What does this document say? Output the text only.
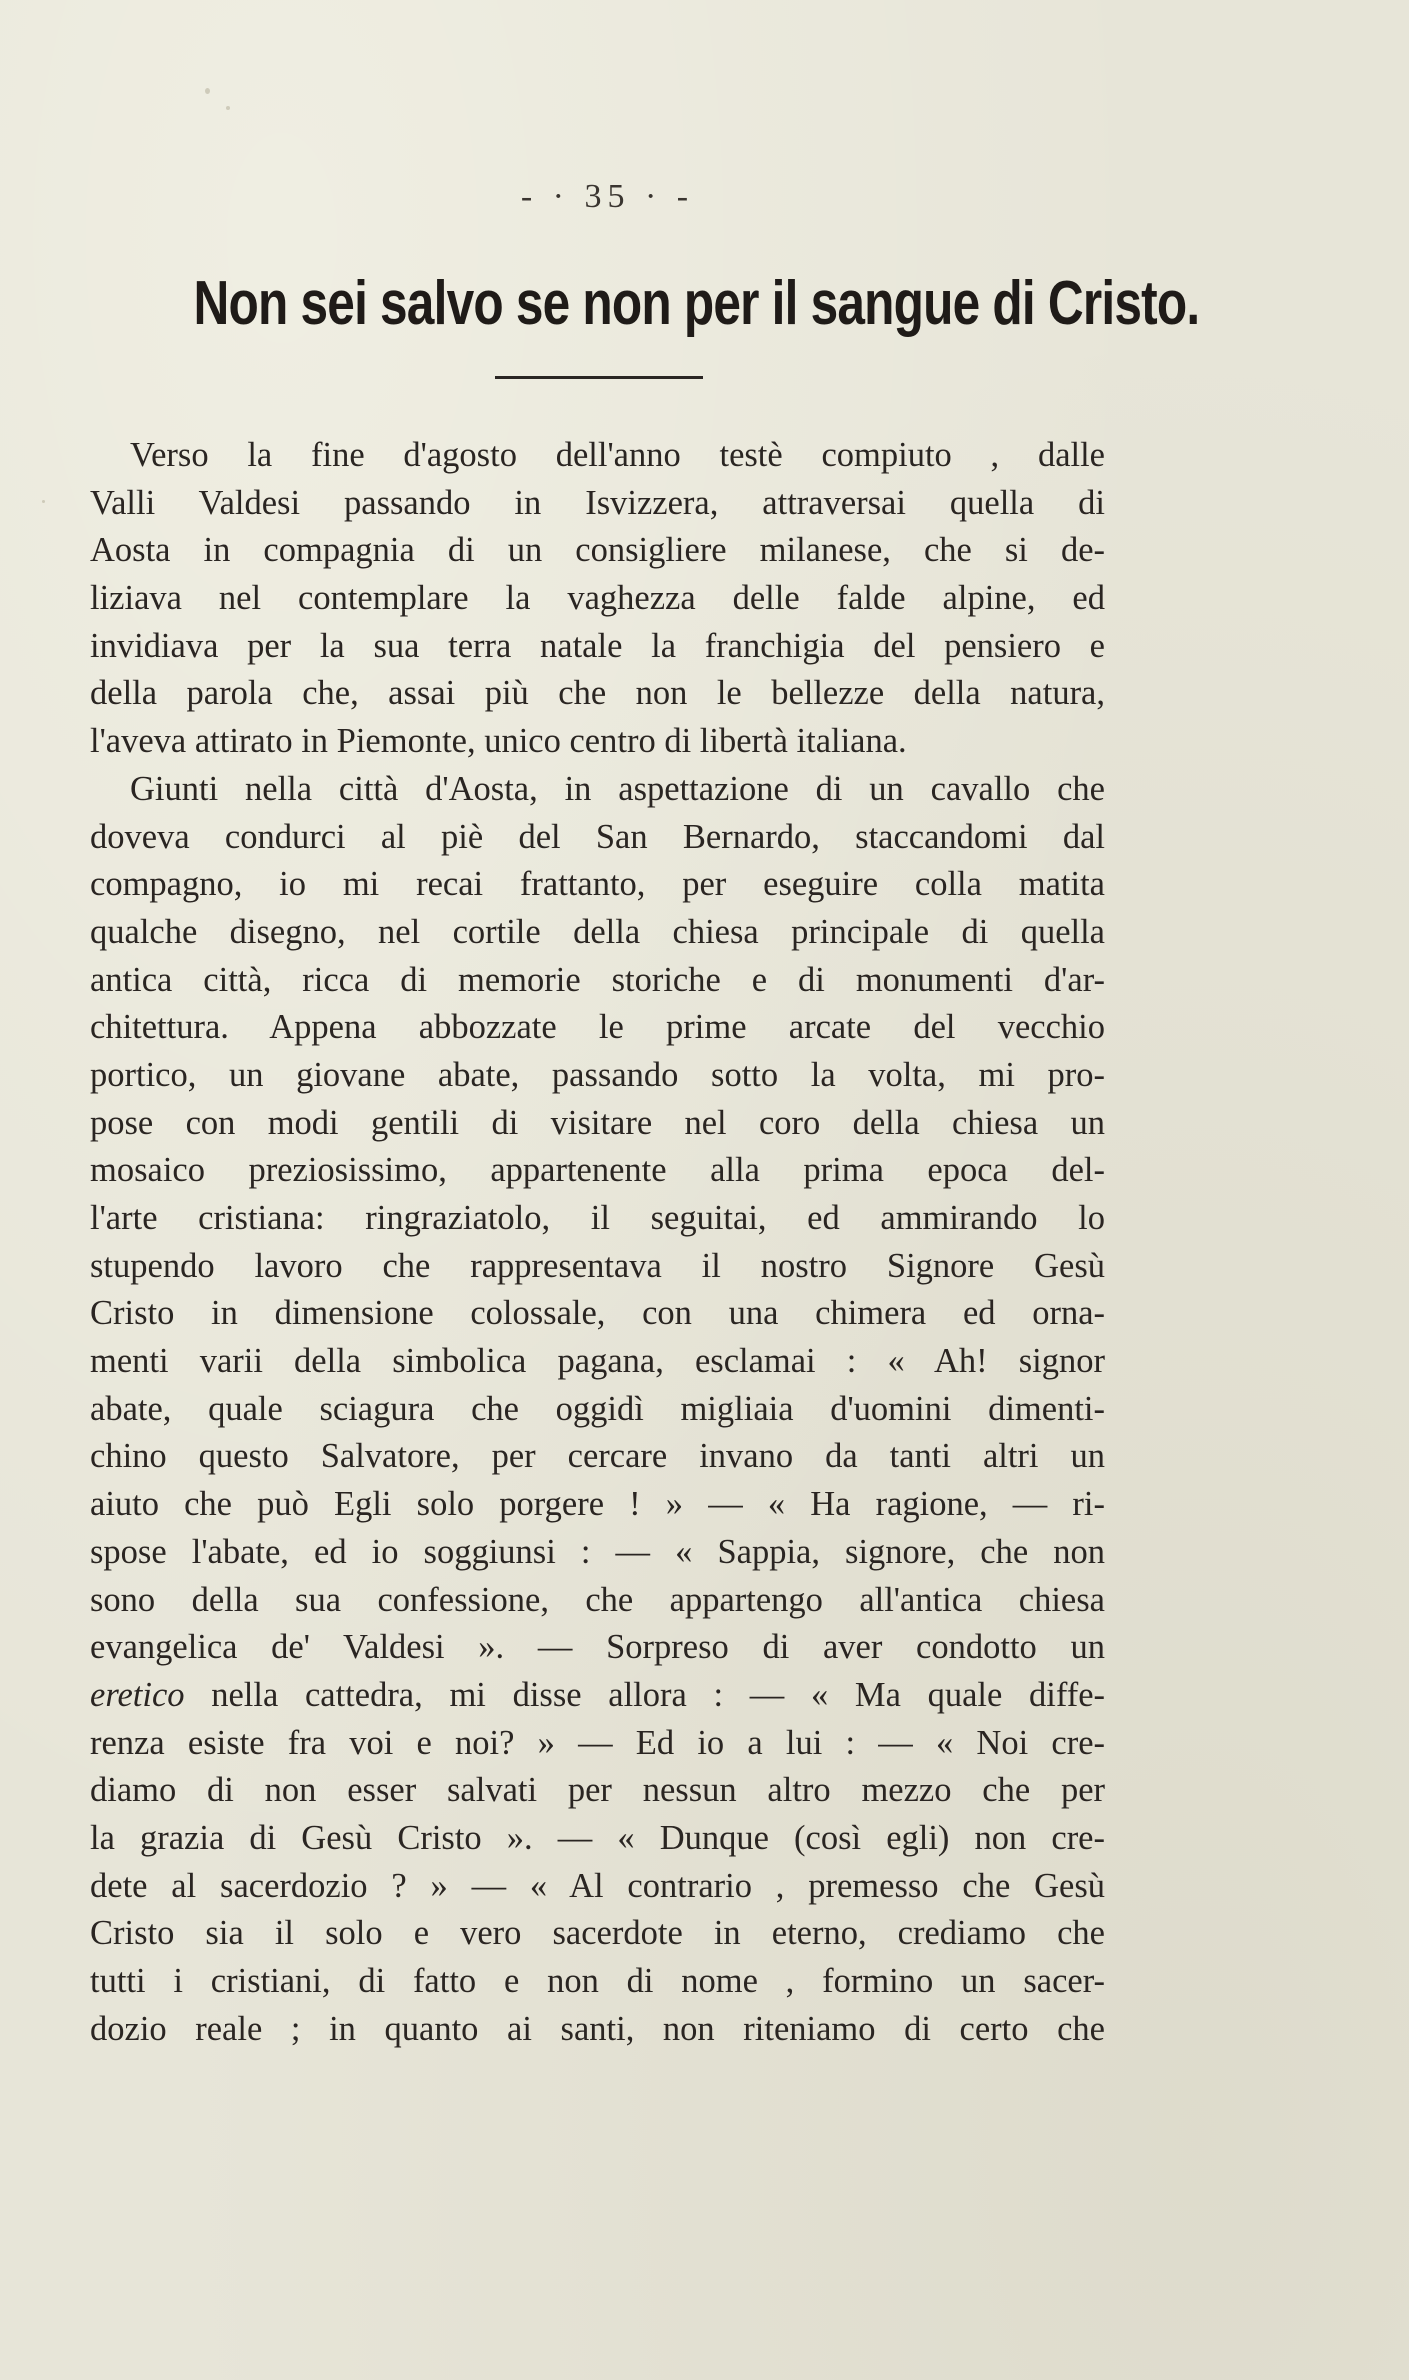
- · 35 · -
Non sei salvo se non per il sangue di Cristo.
Verso la fine d'agosto dell'anno testè compiuto , dalle
Valli Valdesi passando in Isvizzera, attraversai quella di
Aosta in compagnia di un consigliere milanese, che si de-
liziava nel contemplare la vaghezza delle falde alpine, ed
invidiava per la sua terra natale la franchigia del pensiero e
della parola che, assai più che non le bellezze della natura,
l'aveva attirato in Piemonte, unico centro di libertà italiana.
Giunti nella città d'Aosta, in aspettazione di un cavallo che
doveva condurci al piè del San Bernardo, staccandomi dal
compagno, io mi recai frattanto, per eseguire colla matita
qualche disegno, nel cortile della chiesa principale di quella
antica città, ricca di memorie storiche e di monumenti d'ar-
chitettura. Appena abbozzate le prime arcate del vecchio
portico, un giovane abate, passando sotto la volta, mi pro-
pose con modi gentili di visitare nel coro della chiesa un
mosaico preziosissimo, appartenente alla prima epoca del-
l'arte cristiana: ringraziatolo, il seguitai, ed ammirando lo
stupendo lavoro che rappresentava il nostro Signore Gesù
Cristo in dimensione colossale, con una chimera ed orna-
menti varii della simbolica pagana, esclamai : « Ah! signor
abate, quale sciagura che oggidì migliaia d'uomini dimenti-
chino questo Salvatore, per cercare invano da tanti altri un
aiuto che può Egli solo porgere ! » — « Ha ragione, — ri-
spose l'abate, ed io soggiunsi : — « Sappia, signore, che non
sono della sua confessione, che appartengo all'antica chiesa
evangelica de' Valdesi ». — Sorpreso di aver condotto un
eretico nella cattedra, mi disse allora : — « Ma quale diffe-
renza esiste fra voi e noi? » — Ed io a lui : — « Noi cre-
diamo di non esser salvati per nessun altro mezzo che per
la grazia di Gesù Cristo ». — « Dunque (così egli) non cre-
dete al sacerdozio ? » — « Al contrario , premesso che Gesù
Cristo sia il solo e vero sacerdote in eterno, crediamo che
tutti i cristiani, di fatto e non di nome , formino un sacer-
dozio reale ; in quanto ai santi, non riteniamo di certo che
